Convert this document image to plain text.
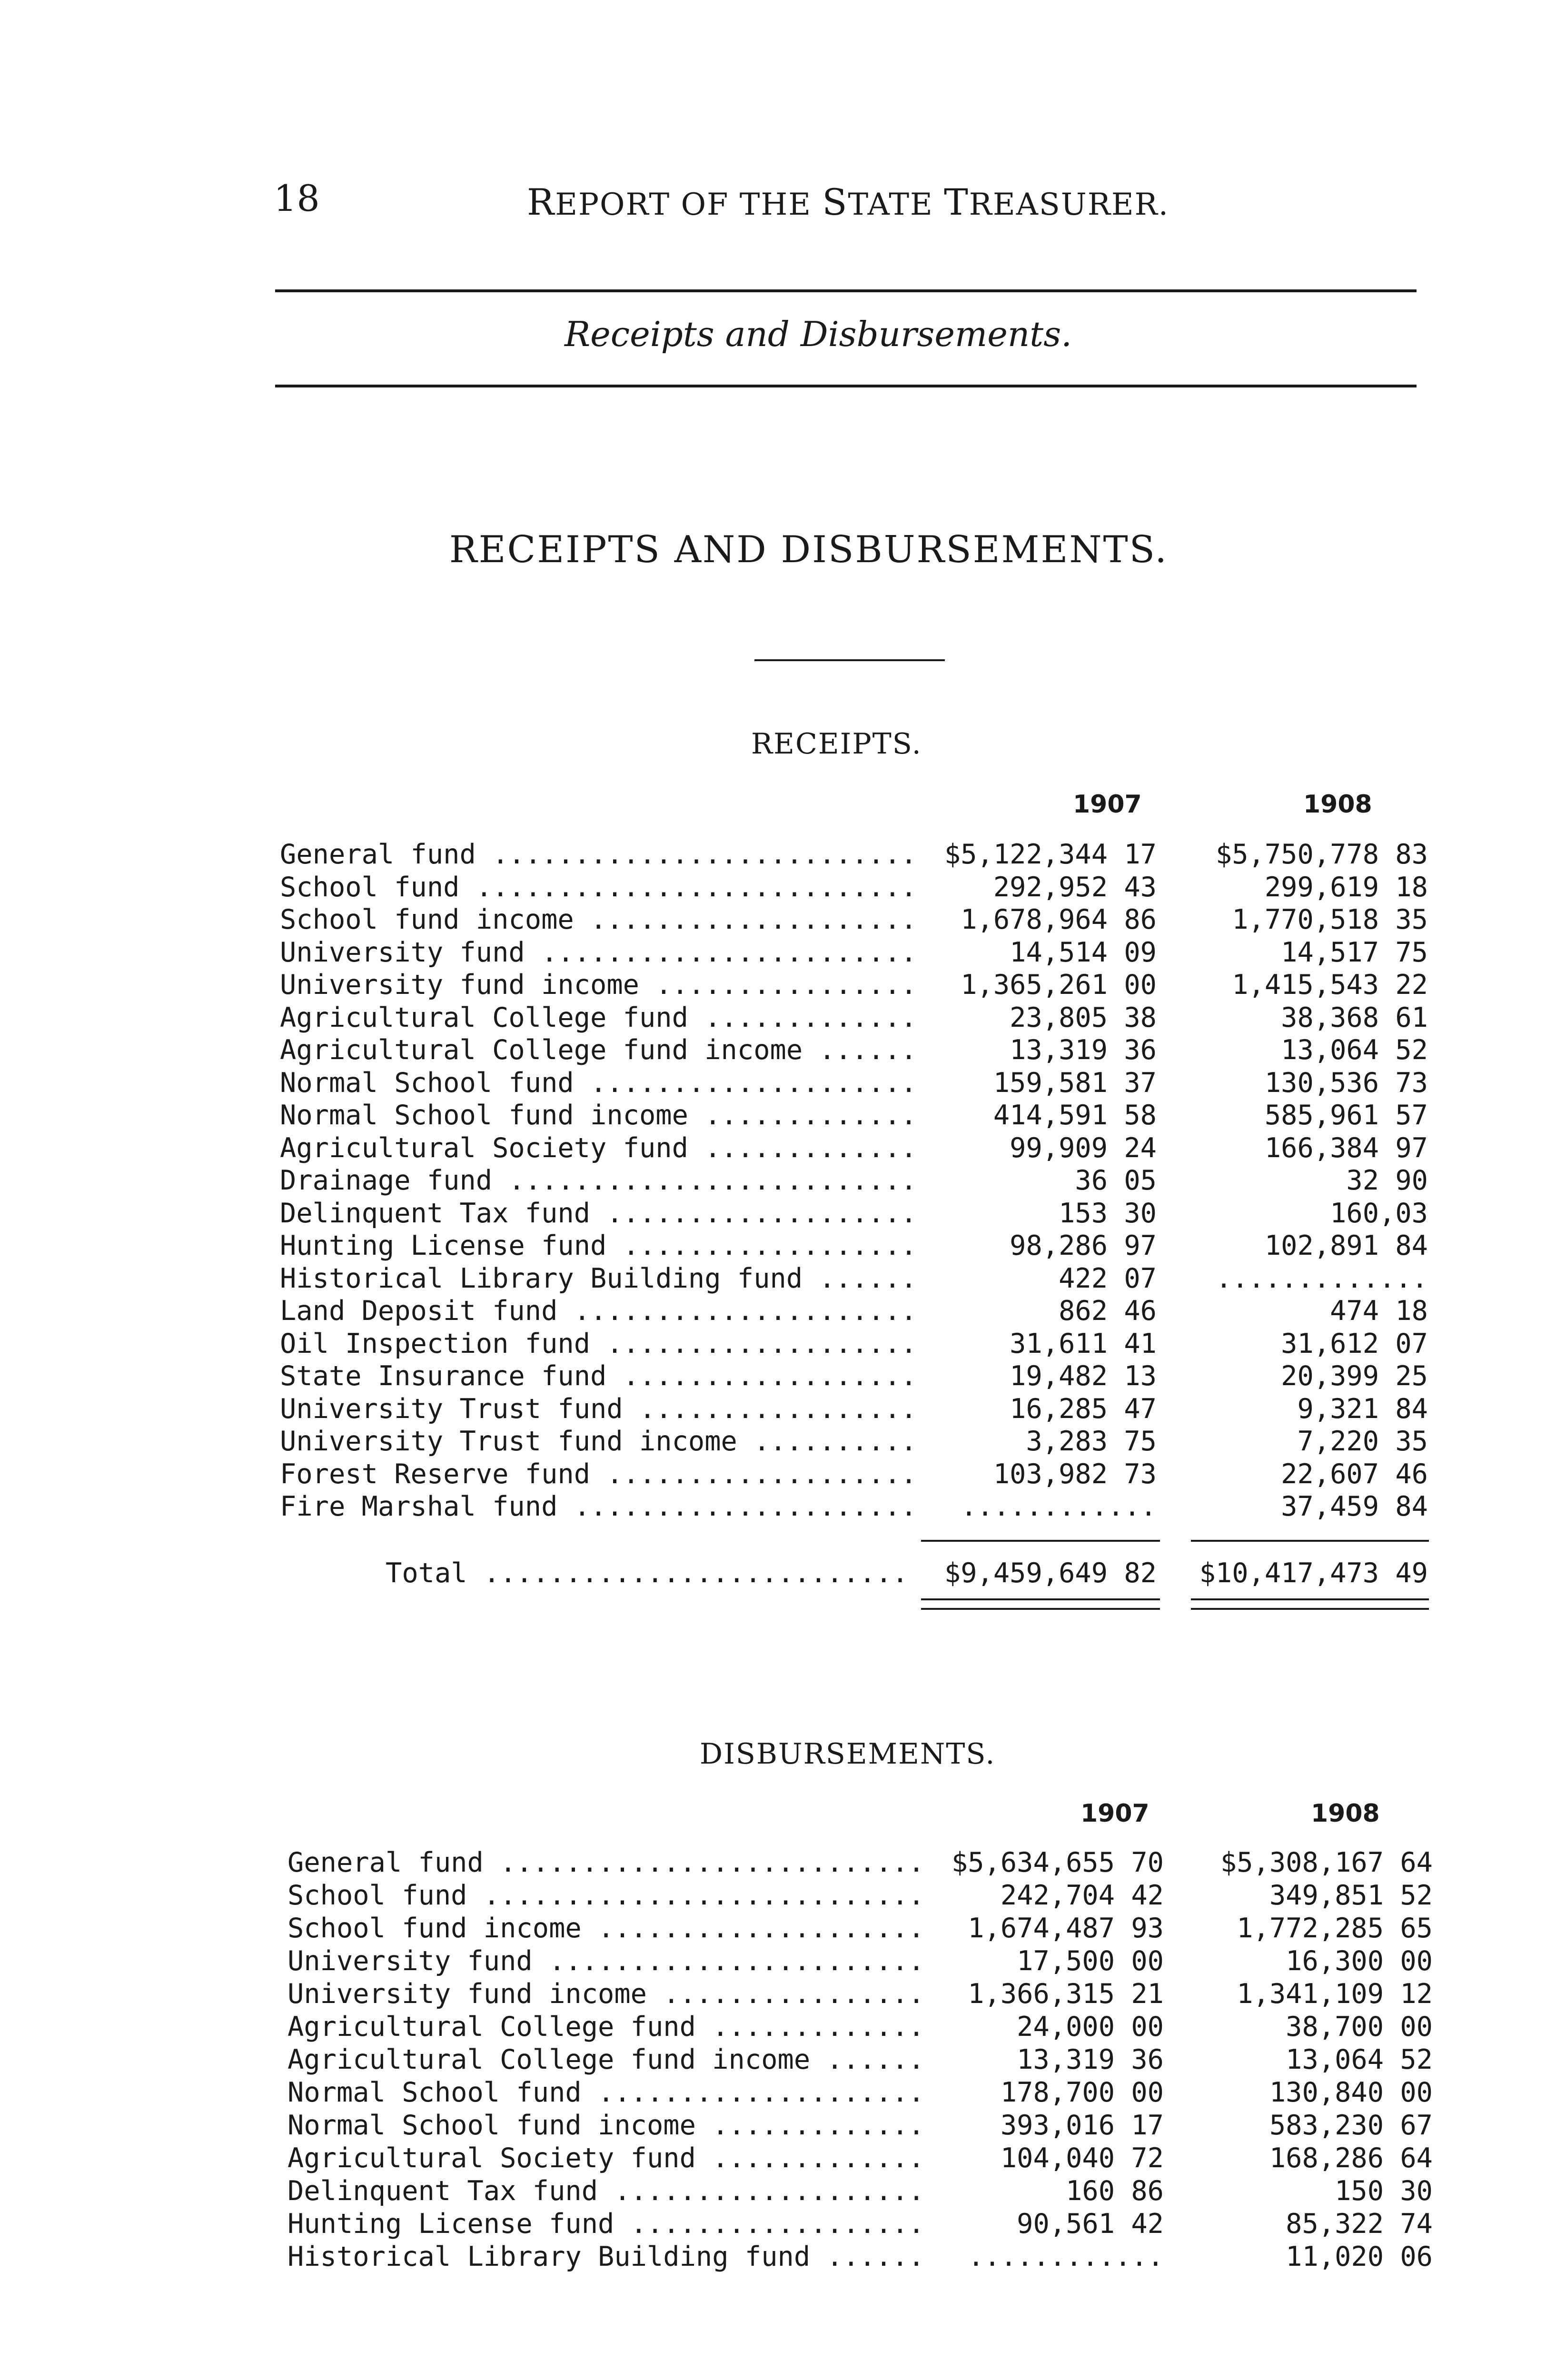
18	REPORT OF THE STATE TREASURER.
Receipts and Disbursements.
RECEIPTS AND DISBURSEMENTS.
RECEIPTS.
1907	1908
General fund ..........................	$5,122,344 17	$5,750,778 83
School fund ...........................	292,952 43	299,619 18
School fund income ....................	1,678,964 86	1,770,518 35
University fund .......................	14,514 09	14,517 75
University fund income ................	1,365,261 00	1,415,543 22
Agricultural College fund .............	23,805 38	38,368 61
Agricultural College fund income ......	13,319 36	13,064 52
Normal School fund ....................	159,581 37	130,536 73
Normal School fund income .............	414,591 58	585,961 57
Agricultural Society fund .............	99,909 24	166,384 97
Drainage fund .........................	36 05	32 90
Delinquent Tax fund ...................	153 30	160,03
Hunting License fund ..................	98,286 97	102,891 84
Historical Library Building fund ......	422 07	.............
Land Deposit fund .....................	862 46	474 18
Oil Inspection fund ...................	31,611 41	31,612 07
State Insurance fund ..................	19,482 13	20,399 25
University Trust fund .................	16,285 47	9,321 84
University Trust fund income ..........	3,283 75	7,220 35
Forest Reserve fund ...................	103,982 73	22,607 46
Fire Marshal fund .....................	............	37,459 84
Total ..........................	$9,459,649 82	$10,417,473 49
DISBURSEMENTS.
1907	1908
General fund .......................... $5,634,655 70	$5,308,167 64
School fund ...........................	242,704 42	349,851 52
School fund income ....................	1,674,487 93	1,772,285 65
University fund .......................	17,500 00	16,300 00
University fund income ................	1,366,315 21	1,341,109 12
Agricultural College fund .............	24,000 00	38,700 00
Agricultural College fund income ......	13,319 36	13,064 52
Normal School fund ....................	178,700 00	130,840 00
Normal School fund income .............	393,016 17	583,230 67
Agricultural Society fund .............	104,040 72	168,286 64
Delinquent Tax fund ...................	160 86	150 30
Hunting License fund ..................	90,561 42	85,322 74
Historical Library Building fund ......	............	11,020 06
